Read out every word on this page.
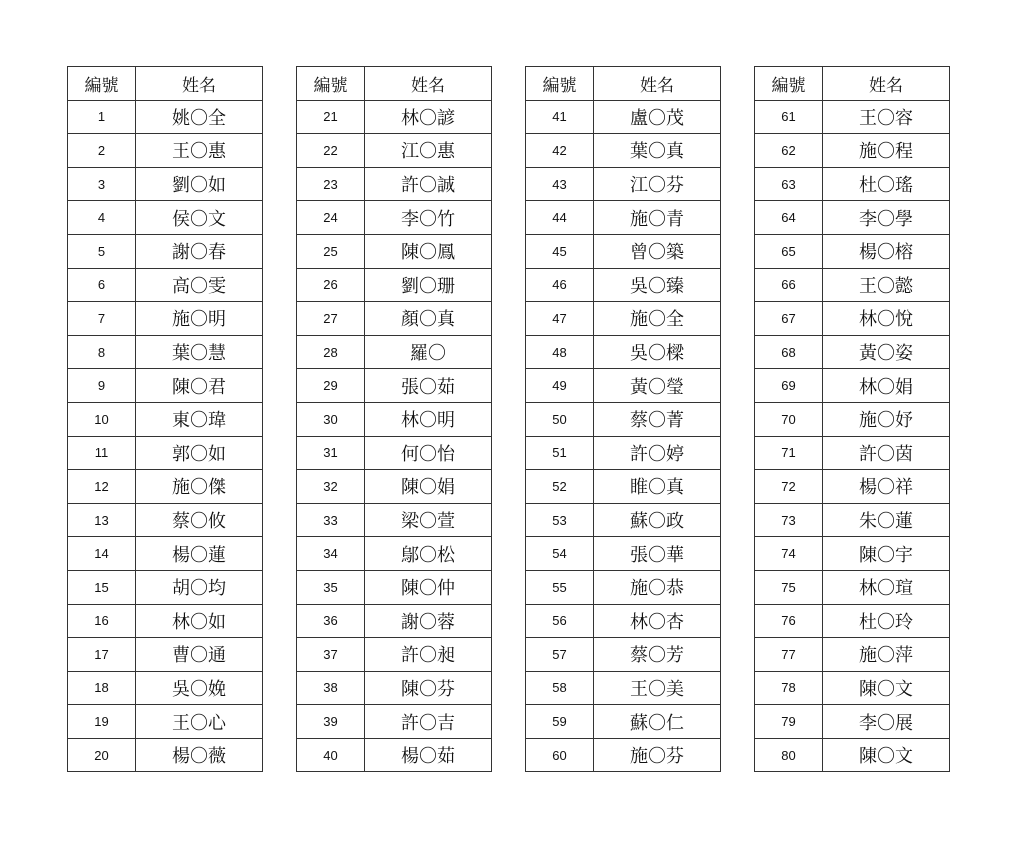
編號	姓名
1	姚〇全
2	王〇惠
3	劉〇如
4	侯〇文
5	謝〇春
6	高〇雯
7	施〇明
8	葉〇慧
9	陳〇君
10	東〇瑋
11	郭〇如
12	施〇傑
13	蔡〇攸
14	楊〇蓮
15	胡〇均
16	林〇如
17	曹〇通
18	吳〇娩
19	王〇心
20	楊〇薇
編號	姓名
21	林〇諺
22	江〇惠
23	許〇誠
24	李〇竹
25	陳〇鳳
26	劉〇珊
27	顏〇真
28	羅〇
29	張〇茹
30	林〇明
31	何〇怡
32	陳〇娟
33	梁〇萱
34	鄔〇松
35	陳〇仲
36	謝〇蓉
37	許〇昶
38	陳〇芬
39	許〇吉
40	楊〇茹
編號	姓名
41	盧〇茂
42	葉〇真
43	江〇芬
44	施〇青
45	曾〇築
46	吳〇臻
47	施〇全
48	吳〇樑
49	黃〇瑩
50	蔡〇菁
51	許〇婷
52	睢〇真
53	蘇〇政
54	張〇華
55	施〇恭
56	林〇杏
57	蔡〇芳
58	王〇美
59	蘇〇仁
60	施〇芬
編號	姓名
61	王〇容
62	施〇程
63	杜〇瑤
64	李〇學
65	楊〇榕
66	王〇懿
67	林〇悅
68	黃〇姿
69	林〇娟
70	施〇妤
71	許〇茵
72	楊〇祥
73	朱〇蓮
74	陳〇宇
75	林〇瑄
76	杜〇玲
77	施〇萍
78	陳〇文
79	李〇展
80	陳〇文
